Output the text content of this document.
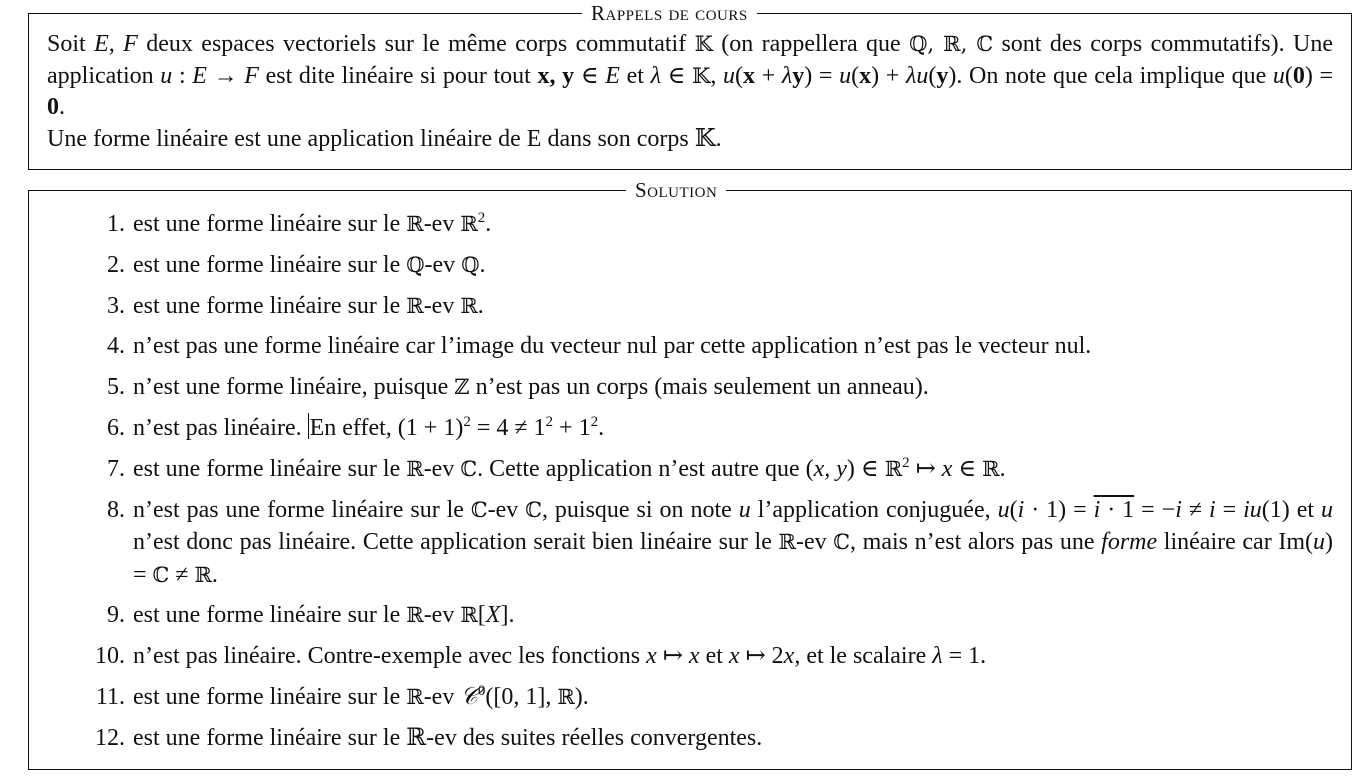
Rappels de cours

Soit E, F deux espaces vectoriels sur le même corps commutatif 𝕂 (on rappellera que ℚ, ℝ, ℂ sont des corps commutatifs). Une application u : E → F est dite linéaire si pour tout x, y ∈ E et λ ∈ 𝕂, u(x + λy) = u(x) + λu(y). On note que cela implique que u(0) = 0.

Une forme linéaire est une application linéaire de E dans son corps 𝕂.

Solution
1. est une forme linéaire sur le ℝ-ev ℝ$^2$.
2. est une forme linéaire sur le ℚ-ev ℚ.
3. est une forme linéaire sur le ℝ-ev ℝ.
4. n’est pas une forme linéaire car l’image du vecteur nul par cette application n’est pas le vecteur nul.
5. n’est une forme linéaire, puisque ℤ n’est pas un corps (mais seulement un anneau).
6. n’est pas linéaire. En effet, $(1 + 1)^2 = 4 \ne 1^2 + 1^2$.
7. est une forme linéaire sur le ℝ-ev ℂ. Cette application n’est autre que (x, y) ∈ ℝ$^2$ ↦ x ∈ ℝ.
8. n’est pas une forme linéaire sur le ℂ-ev ℂ, puisque si on note u l’application conjuguée, u(i · 1) = i · 1 = −i ≠ i = iu(1) et u n’est donc pas linéaire. Cette application serait bien linéaire sur le ℝ-ev ℂ, mais n’est alors pas une forme linéaire car Im(u) = ℂ ≠ ℝ.
9. est une forme linéaire sur le ℝ-ev ℝ[X].
10. n’est pas linéaire. Contre-exemple avec les fonctions x ↦ x et x ↦ 2x, et le scalaire λ = 1.
11. est une forme linéaire sur le ℝ-ev 𝒞$^0$([0, 1], ℝ).
12. est une forme linéaire sur le ℝ-ev des suites réelles convergentes.
